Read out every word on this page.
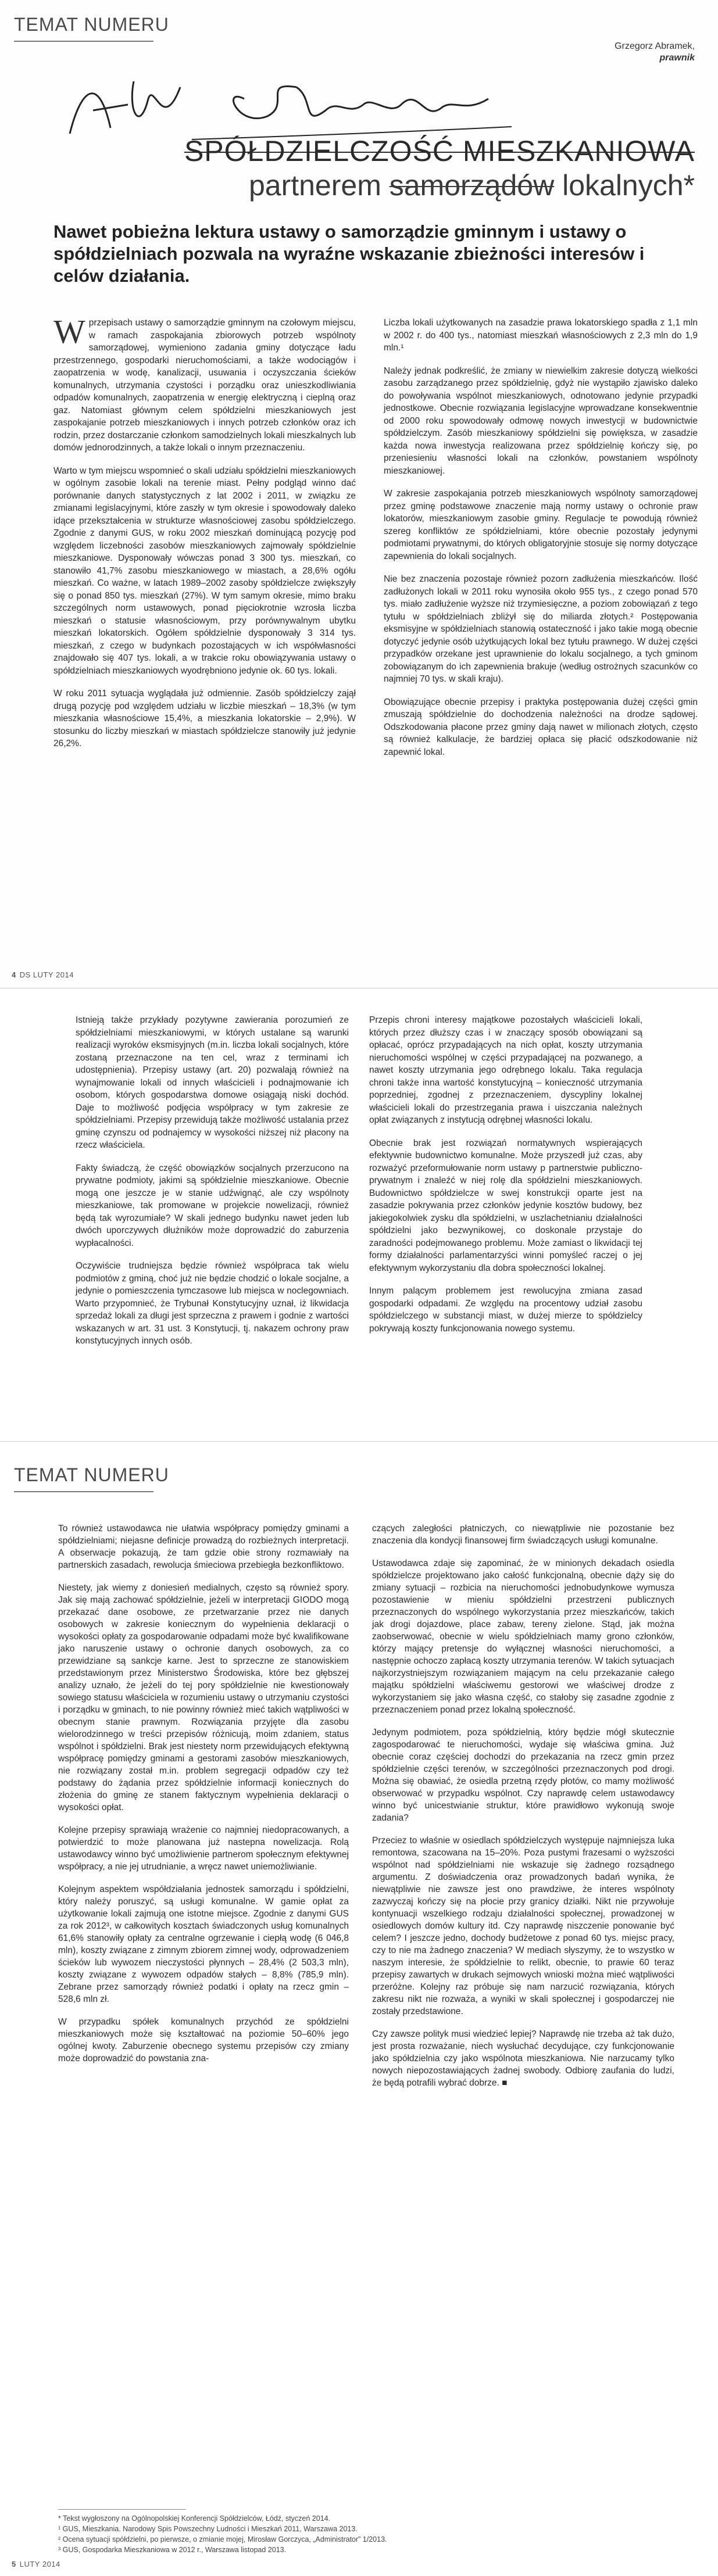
TEMAT NUMERU
Grzegorz Abramek,
prawnik
SPÓŁDZIELCZOŚĆ MIESZKANIOWA
partnerem samorządów lokalnych*
Nawet pobieżna lektura ustawy o samorządzie gminnym i ustawy o spółdzielniach pozwala na wyraźne wskazanie zbieżności interesów i celów działania.

Wprzepisach ustawy o samorządzie gminnym na czołowym miejscu, w ramach zaspokajania zbiorowych potrzeb wspólnoty samorządowej, wymieniono zadania gminy dotyczące ładu przestrzennego, gospodarki nieruchomościami, a także wodociągów i zaopatrzenia w wodę, kanalizacji, usuwania i oczyszczania ścieków komunalnych, utrzymania czystości i porządku oraz unieszkodliwiania odpadów komunalnych, zaopatrzenia w energię elektryczną i cieplną oraz gaz. Natomiast głównym celem spółdzielni mieszkaniowych jest zaspokajanie potrzeb mieszkaniowych i innych potrzeb członków oraz ich rodzin, przez dostarczanie członkom samodzielnych lokali mieszkalnych lub domów jednorodzinnych, a także lokali o innym przeznaczeniu.

Warto w tym miejscu wspomnieć o skali udziału spółdzielni mieszkaniowych w ogólnym zasobie lokali na terenie miast. Pełny podgląd winno dać porównanie danych statystycznych z lat 2002 i 2011, w związku ze zmianami legislacyjnymi, które zaszły w tym okresie i spowodowały daleko idące przekształcenia w strukturze własnościowej zasobu spółdzielczego. Zgodnie z danymi GUS, w roku 2002 mieszkań dominującą pozycję pod względem liczebności zasobów mieszkaniowych zajmowały spółdzielnie mieszkaniowe. Dysponowały wówczas ponad 3 300 tys. mieszkań, co stanowiło 41,7% zasobu mieszkaniowego w miastach, a 28,6% ogółu mieszkań. Co ważne, w latach 1989–2002 zasoby spółdzielcze zwiększyły się o ponad 850 tys. mieszkań (27%). W tym samym okresie, mimo braku szczególnych norm ustawowych, ponad pięciokrotnie wzrosła liczba mieszkań o statusie własnościowym, przy porównywalnym ubytku mieszkań lokatorskich. Ogółem spółdzielnie dysponowały 3 314 tys. mieszkań, z czego w budynkach pozostających w ich współwłasności znajdowało się 407 tys. lokali, a w trakcie roku obowiązywania ustawy o spółdzielniach mieszkaniowych wyodrębniono jedynie ok. 60 tys. lokali.

W roku 2011 sytuacja wyglądała już odmiennie. Zasób spółdzielczy zajął drugą pozycję pod względem udziału w liczbie mieszkań – 18,3% (w tym mieszkania własnościowe 15,4%, a mieszkania lokatorskie – 2,9%). W stosunku do liczby mieszkań w miastach spółdzielcze stanowiły już jedynie 26,2%.

Liczba lokali użytkowanych na zasadzie prawa lokatorskiego spadła z 1,1 mln w 2002 r. do 400 tys., natomiast mieszkań własnościowych z 2,3 mln do 1,9 mln.¹

Należy jednak podkreślić, że zmiany w niewielkim zakresie dotyczą wielkości zasobu zarządzanego przez spółdzielnię, gdyż nie wystąpiło zjawisko daleko do powoływania wspólnot mieszkaniowych, odnotowano jedynie przypadki jednostkowe. Obecnie rozwiązania legislacyjne wprowadzane konsekwentnie od 2000 roku spowodowały odmowę nowych inwestycji w budownictwie spółdzielczym. Zasób mieszkaniowy spółdzielni się powiększa, w zasadzie każda nowa inwestycja realizowana przez spółdzielnię kończy się, po przeniesieniu własności lokali na członków, powstaniem wspólnoty mieszkaniowej.

W zakresie zaspokajania potrzeb mieszkaniowych wspólnoty samorządowej przez gminę podstawowe znaczenie mają normy ustawy o ochronie praw lokatorów, mieszkaniowym zasobie gminy. Regulacje te powodują również szereg konfliktów ze spółdzielniami, które obecnie pozostały jedynymi podmiotami prywatnymi, do których obligatoryjnie stosuje się normy dotyczące zapewnienia do lokali socjalnych.

Nie bez znaczenia pozostaje również pozorn zadłużenia mieszkańców. Ilość zadłużonych lokali w 2011 roku wynosiła około 955 tys., z czego ponad 570 tys. miało zadłużenie wyższe niż trzymiesięczne, a poziom zobowiązań z tego tytułu w spółdzielniach zbliżył się do miliarda złotych.² Postępowania eksmisyjne w spółdzielniach stanowią ostateczność i jako takie mogą obecnie dotyczyć jedynie osób użytkujących lokal bez tytułu prawnego. W dużej części przypadków orzekane jest uprawnienie do lokalu socjalnego, a tych gminom zobowiązanym do ich zapewnienia brakuje (według ostrożnych szacunków co najmniej 70 tys. w skali kraju).

Obowiązujące obecnie przepisy i praktyka postępowania dużej części gmin zmuszają spółdzielnie do dochodzenia należności na drodze sądowej. Odszkodowania płacone przez gminy dają nawet w milionach złotych, często są również kalkulacje, że bardziej opłaca się płacić odszkodowanie niż zapewnić lokal.

4 DS LUTY 2014

Istnieją także przykłady pozytywne zawierania porozumień ze spółdzielniami mieszkaniowymi, w których ustalane są warunki realizacji wyroków eksmisyjnych (m.in. liczba lokali socjalnych, które zostaną przeznaczone na ten cel, wraz z terminami ich udostępnienia). Przepisy ustawy (art. 20) pozwalają również na wynajmowanie lokali od innych właścicieli i podnajmowanie ich osobom, których gospodarstwa domowe osiągają niski dochód. Daje to możliwość podjęcia współpracy w tym zakresie ze spółdzielniami. Przepisy przewidują także możliwość ustalania przez gminę czynszu od podnajemcy w wysokości niższej niż płacony na rzecz właściciela.

Fakty świadczą, że część obowiązków socjalnych przerzucono na prywatne podmioty, jakimi są spółdzielnie mieszkaniowe. Obecnie mogą one jeszcze je w stanie udźwignąć, ale czy wspólnoty mieszkaniowe, tak promowane w projekcie nowelizacji, również będą tak wyrozumiałe? W skali jednego budynku nawet jeden lub dwóch uporczywych dłużników może doprowadzić do zaburzenia wypłacalności.

Oczywiście trudniejsza będzie również współpraca tak wielu podmiotów z gminą, choć już nie będzie chodzić o lokale socjalne, a jedynie o pomieszczenia tymczasowe lub miejsca w noclegowniach. Warto przypomnieć, że Trybunał Konstytucyjny uznał, iż likwidacja sprzedaż lokali za długi jest sprzeczna z prawem i godnie z wartości wskazanych w art. 31 ust. 3 Konstytucji, tj. nakazem ochrony praw konstytucyjnych innych osób.

Przepis chroni interesy majątkowe pozostałych właścicieli lokali, których przez dłuższy czas i w znaczący sposób obowiązani są opłacać, oprócz przypadających na nich opłat, koszty utrzymania nieruchomości wspólnej w części przypadającej na pozwanego, a nawet koszty utrzymania jego odrębnego lokalu. Taka regulacja chroni także inna wartość konstytucyjną – konieczność utrzymania poprzedniej, zgodnej z przeznaczeniem, dyscypliny lokalnej właścicieli lokali do przestrzegania prawa i uiszczania należnych opłat związanych z instytucją odrębnej własności lokalu.

Obecnie brak jest rozwiązań normatywnych wspierających efektywnie budownictwo komunalne. Może przyszedł już czas, aby rozważyć przeformułowanie norm ustawy p partnerstwie publiczno-prywatnym i znaleźć w niej rolę dla spółdzielni mieszkaniowych. Budownictwo spółdzielcze w swej konstrukcji oparte jest na zasadzie pokrywania przez członków jedynie kosztów budowy, bez jakiegokolwiek zysku dla spółdzielni, w uszlachetnianiu działalności spółdzielni jako bezwynikowej, co doskonale przystaje do zaradności podejmowanego problemu. Może zamiast o likwidacji tej formy działalności parlamentarzyści winni pomyśleć raczej o jej efektywnym wykorzystaniu dla dobra społeczności lokalnej.

Innym palącym problemem jest rewolucyjna zmiana zasad gospodarki odpadami. Ze względu na procentowy udział zasobu spółdzielczego w substancji miast, w dużej mierze to spółdzielcy pokrywają koszty funkcjonowania nowego systemu.

TEMAT NUMERU

To również ustawodawca nie ułatwia współpracy pomiędzy gminami a spółdzielniami; niejasne definicje prowadzą do rozbieżnych interpretacji. A obserwacje pokazują, że tam gdzie obie strony rozmawiały na partnerskich zasadach, rewolucja śmieciowa przebiegła bezkonfliktowo.

Niestety, jak wiemy z doniesień medialnych, często są również spory. Jak się mają zachować spółdzielnie, jeżeli w interpretacji GIODO mogą przekazać dane osobowe, ze przetwarzanie przez nie danych osobowych w zakresie koniecznym do wypełnienia deklaracji o wysokości opłaty za gospodarowanie odpadami może być kwalifikowane jako naruszenie ustawy o ochronie danych osobowych, za co przewidziane są sankcje karne. Jest to sprzeczne ze stanowiskiem przedstawionym przez Ministerstwo Środowiska, które bez głębszej analizy uznało, że jeżeli do tej pory spółdzielnie nie kwestionowały sowiego statusu właściciela w rozumieniu ustawy o utrzymaniu czystości i porządku w gminach, to nie powinny również mieć takich wątpliwości w obecnym stanie prawnym. Rozwiązania przyjęte dla zasobu wielorodzinnego w treści przepisów różnicują, moim zdaniem, status wspólnot i spółdzielni. Brak jest niestety norm przewidujących efektywną współpracę pomiędzy gminami a gestorami zasobów mieszkaniowych, nie rozwiązany został m.in. problem segregacji odpadów czy też podstawy do żądania przez spółdzielnie informacji koniecznych do złożenia do gminę ze stanem faktycznym wypełnienia deklaracji o wysokości opłat.

Kolejne przepisy sprawiają wrażenie co najmniej niedopracowanych, a potwierdzić to może planowana już nastepna nowelizacja. Rolą ustawodawcy winno być umożliwienie partnerom społecznym efektywnej współpracy, a nie jej utrudnianie, a wręcz nawet uniemożliwianie.

Kolejnym aspektem współdziałania jednostek samorządu i spółdzielni, który należy poruszyć, są usługi komunalne. W gamie opłat za użytkowanie lokali zajmują one istotne miejsce. Zgodnie z danymi GUS za rok 2012³, w całkowitych kosztach świadczonych usług komunalnych 61,6% stanowiły opłaty za centralne ogrzewanie i ciepłą wodę (6 046,8 mln), koszty związane z zimnym zbiorem zimnej wody, odprowadzeniem ścieków lub wywozem nieczystości płynnych – 28,4% (2 503,3 mln), koszty związane z wywozem odpadów stałych – 8,8% (785,9 mln). Zebrane przez samorządy również podatki i opłaty na rzecz gmin – 528,6 mln zł.

W przypadku spółek komunalnych przychód ze spółdzielni mieszkaniowych może się kształtować na poziomie 50–60% jego ogólnej kwoty. Zaburzenie obecnego systemu przepisów czy zmiany może doprowadzić do powstania zna-

czących zaległości płatniczych, co niewątpliwie nie pozostanie bez znaczenia dla kondycji finansowej firm świadczących usługi komunalne.

Ustawodawca zdaje się zapominać, że w minionych dekadach osiedla spółdzielcze projektowano jako całość funkcjonalną, obecnie dąży się do zmiany sytuacji – rozbicia na nieruchomości jednobudynkowe wymusza pozostawienie w mieniu spółdzielni przestrzeni publicznych przeznaczonych do wspólnego wykorzystania przez mieszkańców, takich jak drogi dojazdowe, place zabaw, tereny zielone. Stąd, jak można zaobserwować, obecnie w wielu spółdzielniach mamy grono członków, którzy mający pretensje do wyłącznej własności nieruchomości, a następnie ochoczo zapłacą koszty utrzymania terenów. W takich sytuacjach najkorzystniejszym rozwiązaniem mającym na celu przekazanie całego majątku spółdzielni właściwemu gestorowi we właściwej drodze z wykorzystaniem się jako własna część, co stałoby się zasadne zgodnie z przeznaczeniem ponad przez lokalną społeczność.

Jedynym podmiotem, poza spółdzielnią, który będzie mógł skutecznie zagospodarować te nieruchomości, wydaje się właściwa gmina. Już obecnie coraz częściej dochodzi do przekazania na rzecz gmin przez spółdzielnie części terenów, w szczególności przeznaczonych pod drogi. Można się obawiać, że osiedla przetną rzędy płotów, co mamy możliwość obserwować w przypadku wspólnot. Czy naprawdę celem ustawodawcy winno być unicestwianie struktur, które prawidłowo wykonują swoje zadania?

Przeciez to właśnie w osiedlach spółdzielczych występuje najmniejsza luka remontowa, szacowana na 15–20%. Poza pustymi frazesami o wyższości wspólnot nad spółdzielniami nie wskazuje się żadnego rozsądnego argumentu. Z doświadczenia oraz prowadzonych badań wynika, że niewątpliwie nie zawsze jest ono prawdziwe, że interes wspólnoty zazwyczaj kończy się na płocie przy granicy działki. Nikt nie przywołuje kontynuacji wszelkiego rodzaju działalności społecznej, prowadzonej w osiedlowych domów kultury itd. Czy naprawdę niszczenie ponowanie być celem? I jeszcze jedno, dochody budżetowe z ponad 60 tys. miejsc pracy, czy to nie ma żadnego znaczenia? W mediach słyszymy, że to wszystko w naszym interesie, że spółdzielnie to relikt, obecnie, to prawie 60 teraz przepisy zawartych w drukach sejmowych wnioski można mieć wątpliwości przeróżne. Kolejny raz próbuje się nam narzucić rozwiązania, których zakresu nikt nie rozważa, a wyniki w skali społecznej i gospodarczej nie zostały przedstawione.

Czy zawsze polityk musi wiedzieć lepiej? Naprawdę nie trzeba aż tak dużo, jest prosta rozważanie, niech wysłuchać decydujące, czy funkcjonowanie jako spółdzielnia czy jako wspólnota mieszkaniowa. Nie narzucamy tylko nowych niepozostawiających żadnej swobody. Odbiorę zaufania do ludzi, że będą potrafili wybrać dobrze. ■

* Tekst wygłoszony na Ogólnopolskiej Konferencji Spółdzielców, Łódź, styczeń 2014.
¹ GUS, Mieszkania. Narodowy Spis Powszechny Ludności i Mieszkań 2011, Warszawa 2013.
² Ocena sytuacji spółdzielni, po pierwsze, o zmianie mojej, Mirosław Gorczyca, „Administrator” 1/2013.
³ GUS, Gospodarka Mieszkaniowa w 2012 r., Warszawa listopad 2013.
5 LUTY 2014
